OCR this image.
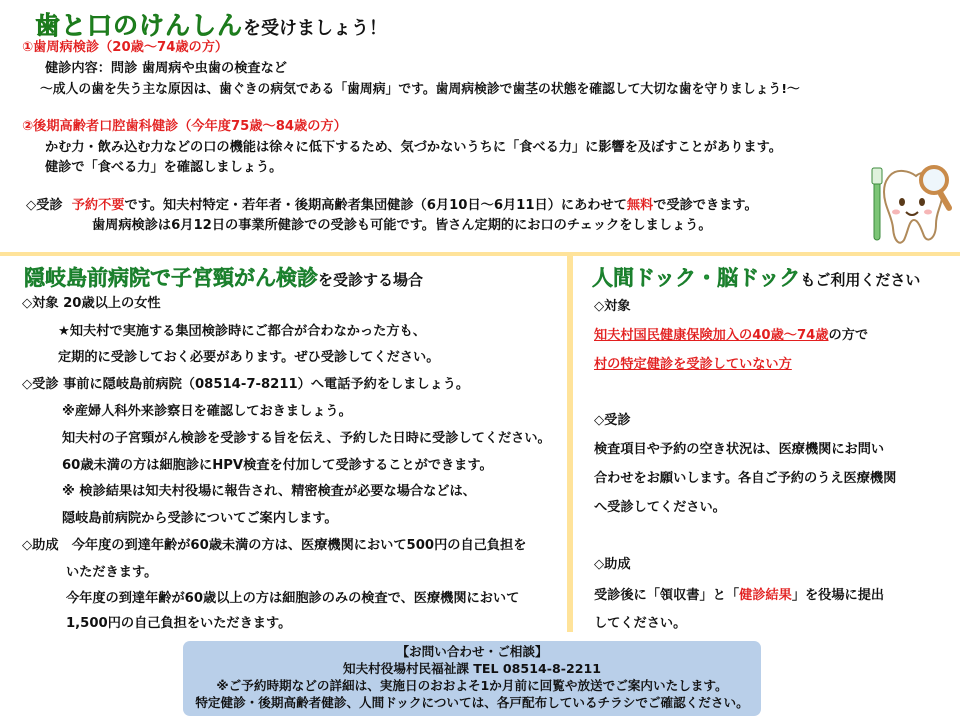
歯と口のけんしんを受けましょう！
①歯周病検診（20歳～74歳の方）
健診内容：問診 歯周病や虫歯の検査など
～成人の歯を失う主な原因は、歯ぐきの病気である「歯周病」です。歯周病検診で歯茎の状態を確認して大切な歯を守りましょう!～
②後期高齢者口腔歯科健診（今年度75歳～84歳の方）
かむ力・飲み込む力などの口の機能は徐々に低下するため、気づかないうちに「食べる力」に影響を及ぼすことがあります。
健診で「食べる力」を確認しましょう。
◇受診 予約不要です。知夫村特定・若年者・後期高齢者集団健診（6月10日～6月11日）にあわせて無料で受診できます。
歯周病検診は6月12日の事業所健診での受診も可能です。皆さん定期的にお口のチェックをしましょう。
隠岐島前病院で子宮頸がん検診を受診する場合
◇対象 20歳以上の女性
★知夫村で実施する集団検診時にご都合が合わなかった方も、
定期的に受診しておく必要があります。ぜひ受診してください。
◇受診 事前に隠岐島前病院（08514-7-8211）へ電話予約をしましょう。
※産婦人科外来診察日を確認しておきましょう。
知夫村の子宮頸がん検診を受診する旨を伝え、予約した日時に受診してください。
60歳未満の方は細胞診にHPV検査を付加して受診することができます。
※ 検診結果は知夫村役場に報告され、精密検査が必要な場合などは、
隠岐島前病院から受診についてご案内します。
◇助成　今年度の到達年齢が60歳未満の方は、医療機関において500円の自己負担を
いただきます。
今年度の到達年齢が60歳以上の方は細胞診のみの検査で、医療機関において
1,500円の自己負担をいただきます。
人間ドック・脳ドックもご利用ください
◇対象
知夫村国民健康保険加入の40歳～74歳の方で
村の特定健診を受診していない方
◇受診
検査項目や予約の空き状況は、医療機関にお問い
合わせをお願いします。各自ご予約のうえ医療機関
へ受診してください。
◇助成
受診後に「領収書」と「健診結果」を役場に提出
してください。
【お問い合わせ・ご相談】
知夫村役場村民福祉課 TEL 08514-8-2211
※ご予約時期などの詳細は、実施日のおおよそ1か月前に回覧や放送でご案内いたします。
特定健診・後期高齢者健診、人間ドックについては、各戸配布しているチラシでご確認ください。
